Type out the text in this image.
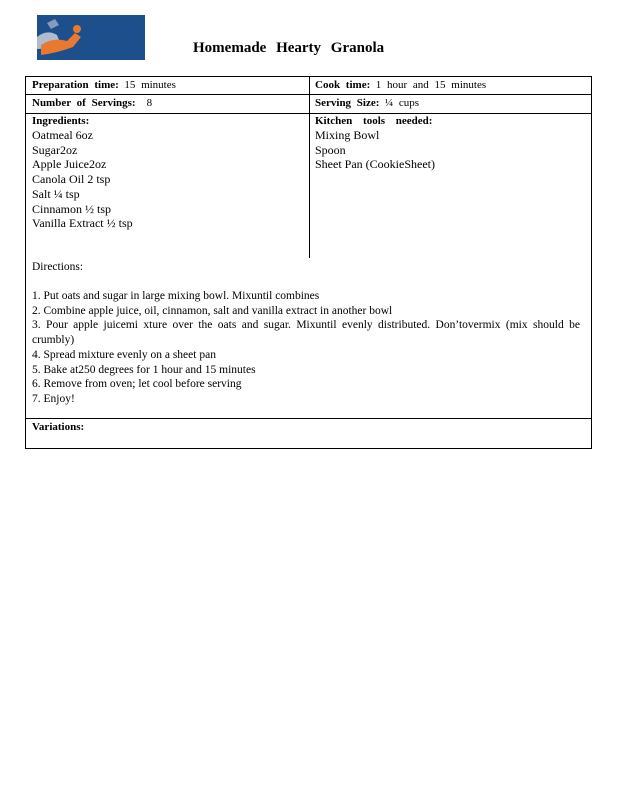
Homemade Hearty Granola
Preparation time: 15 minutes	Cook time: 1 hour and 15 minutes
Number of Servings: 8	Serving Size: ¼ cups
Ingredients:
Oatmeal 6oz
Sugar2oz
Apple Juice2oz
Canola Oil 2 tsp
Salt ¼ tsp
Cinnamon ½ tsp
Vanilla Extract ½ tsp
Kitchen tools needed:
Mixing Bowl
Spoon
Sheet Pan (CookieSheet)
Directions:
1. Put oats and sugar in large mixing bowl. Mixuntil combines
2. Combine apple juice, oil, cinnamon, salt and vanilla extract in another bowl
3. Pour apple juicemi xture over the oats and sugar. Mixuntil evenly distributed. Don’tovermix (mix should be crumbly)
4. Spread mixture evenly on a sheet pan
5. Bake at250 degrees for 1 hour and 15 minutes
6. Remove from oven; let cool before serving
7. Enjoy!
Variations:
